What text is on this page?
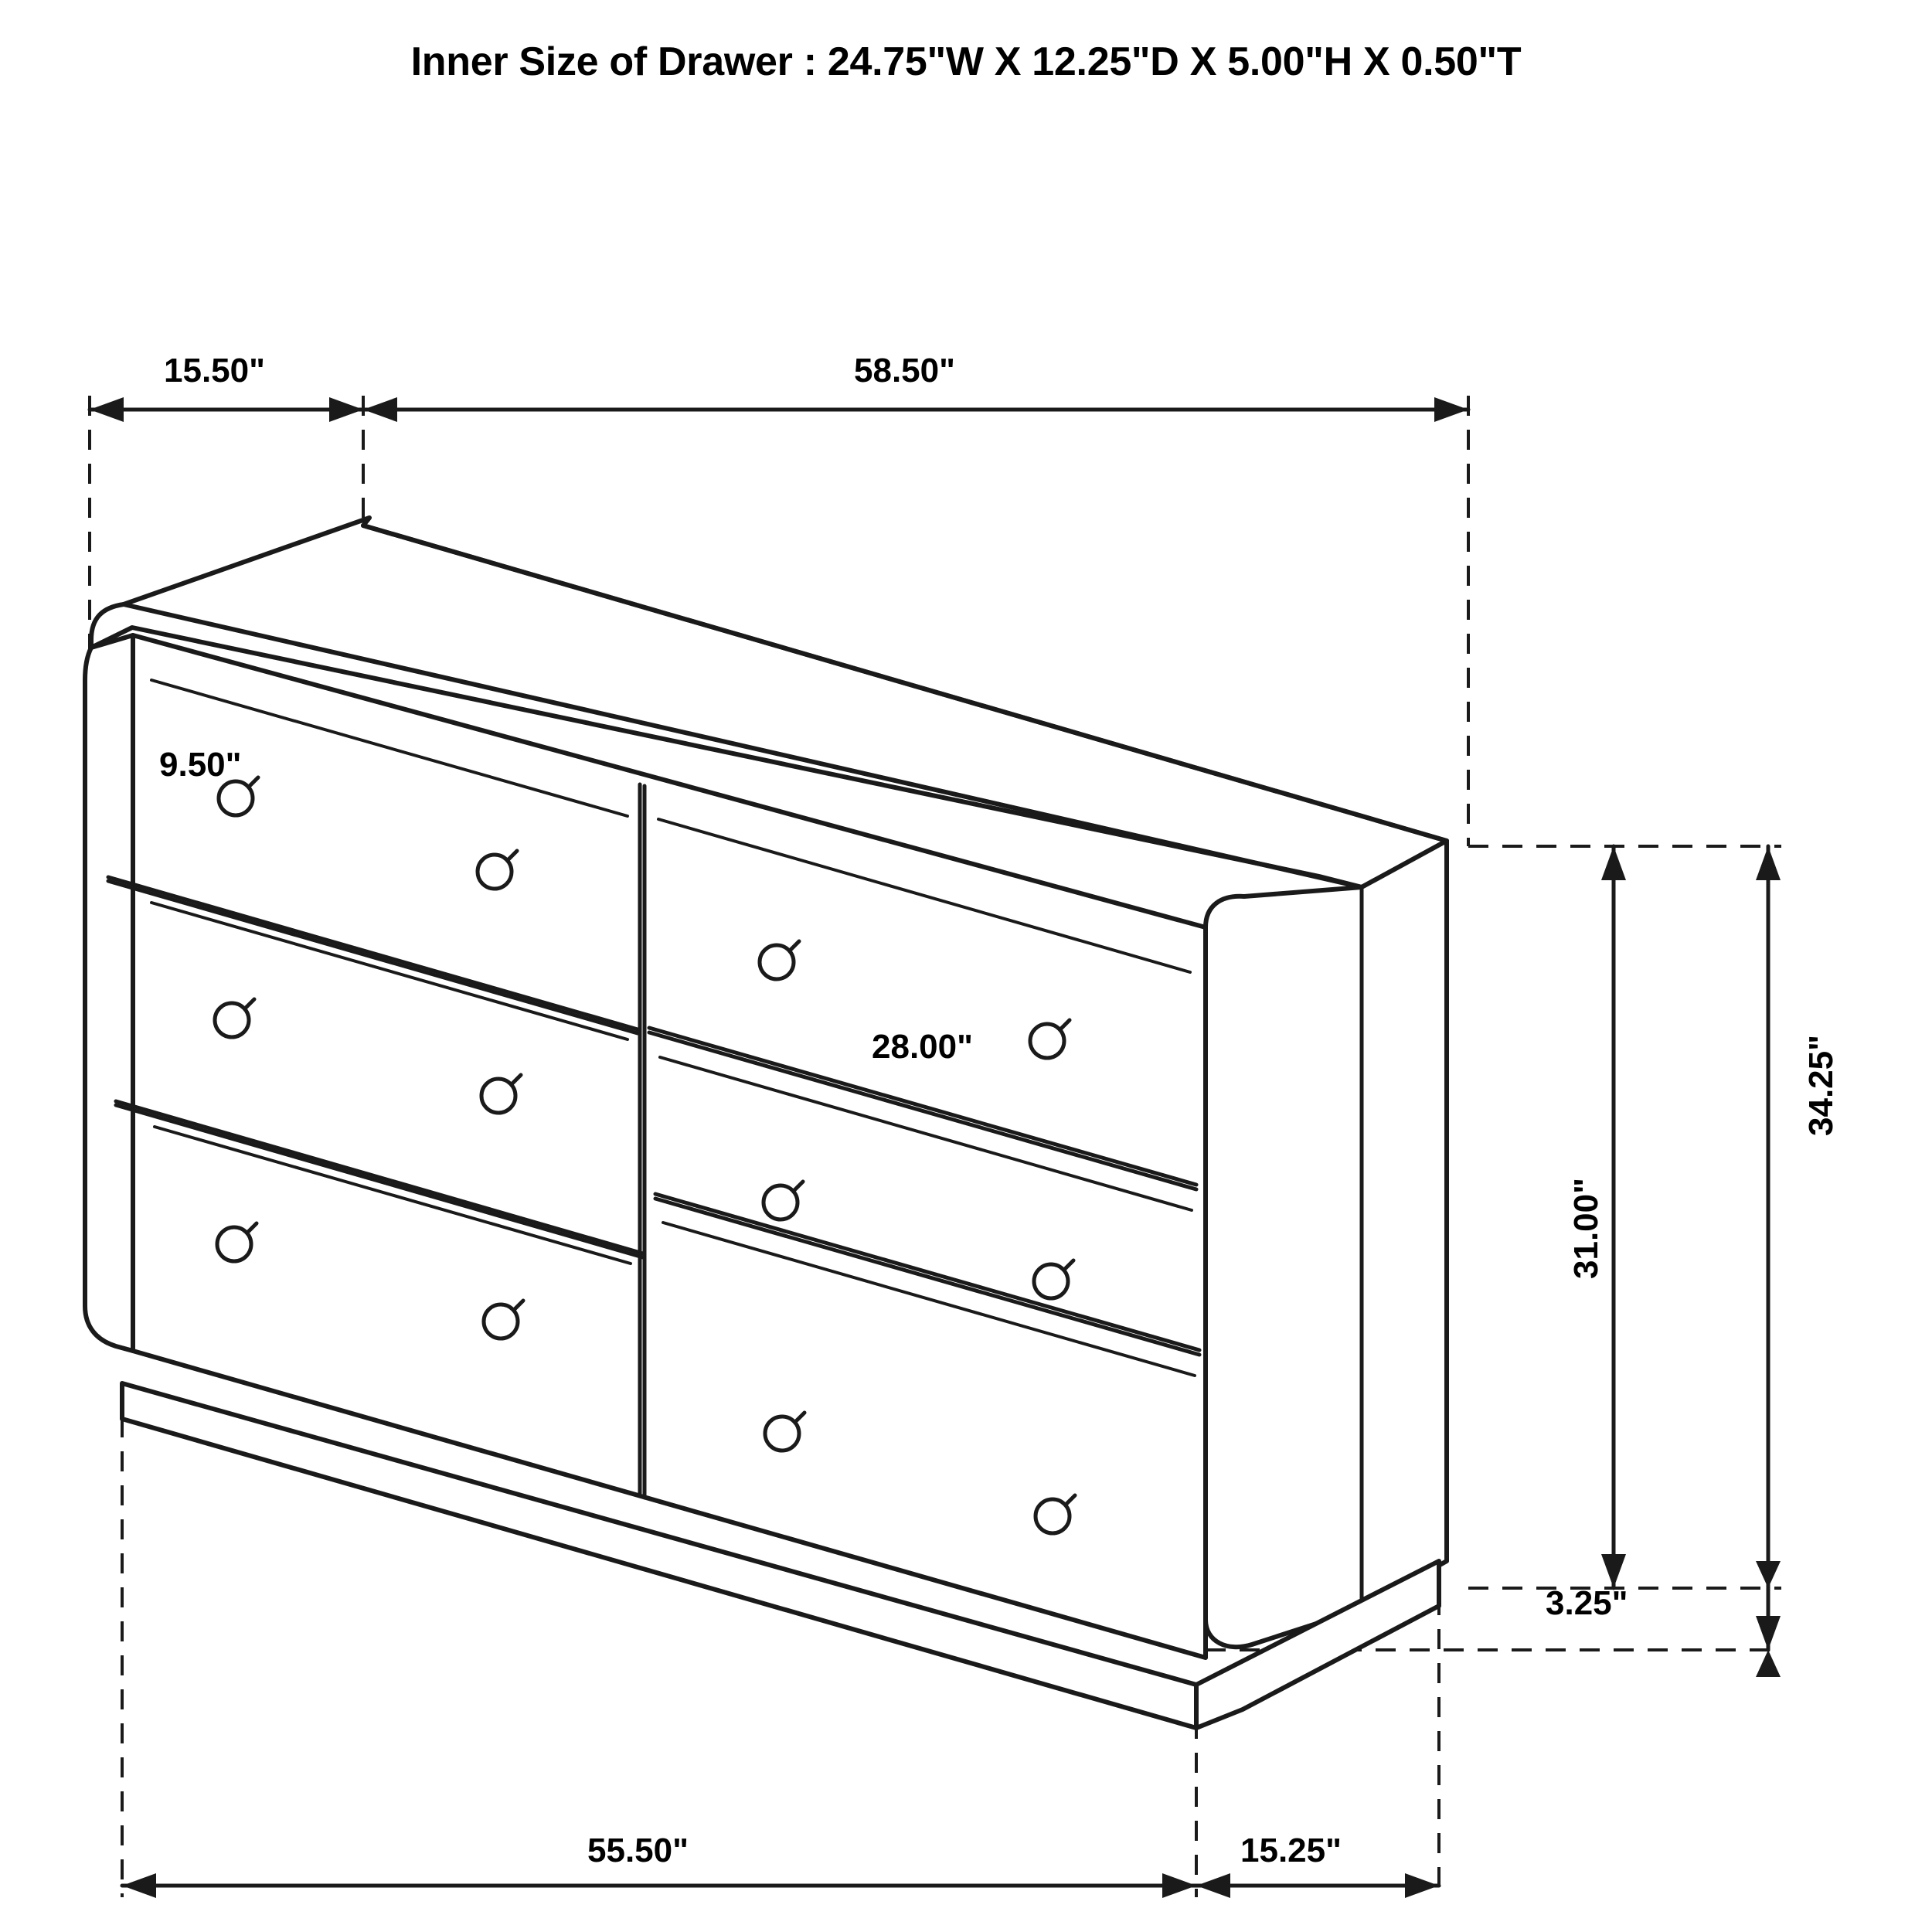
Inner Size of Drawer : 24.75"W X 12.25"D X 5.00"H X 0.50"T
15.50"	58.50"
9.50"
28.00"	34.25"
31.00"
3.25"
55.50"	15.25"
